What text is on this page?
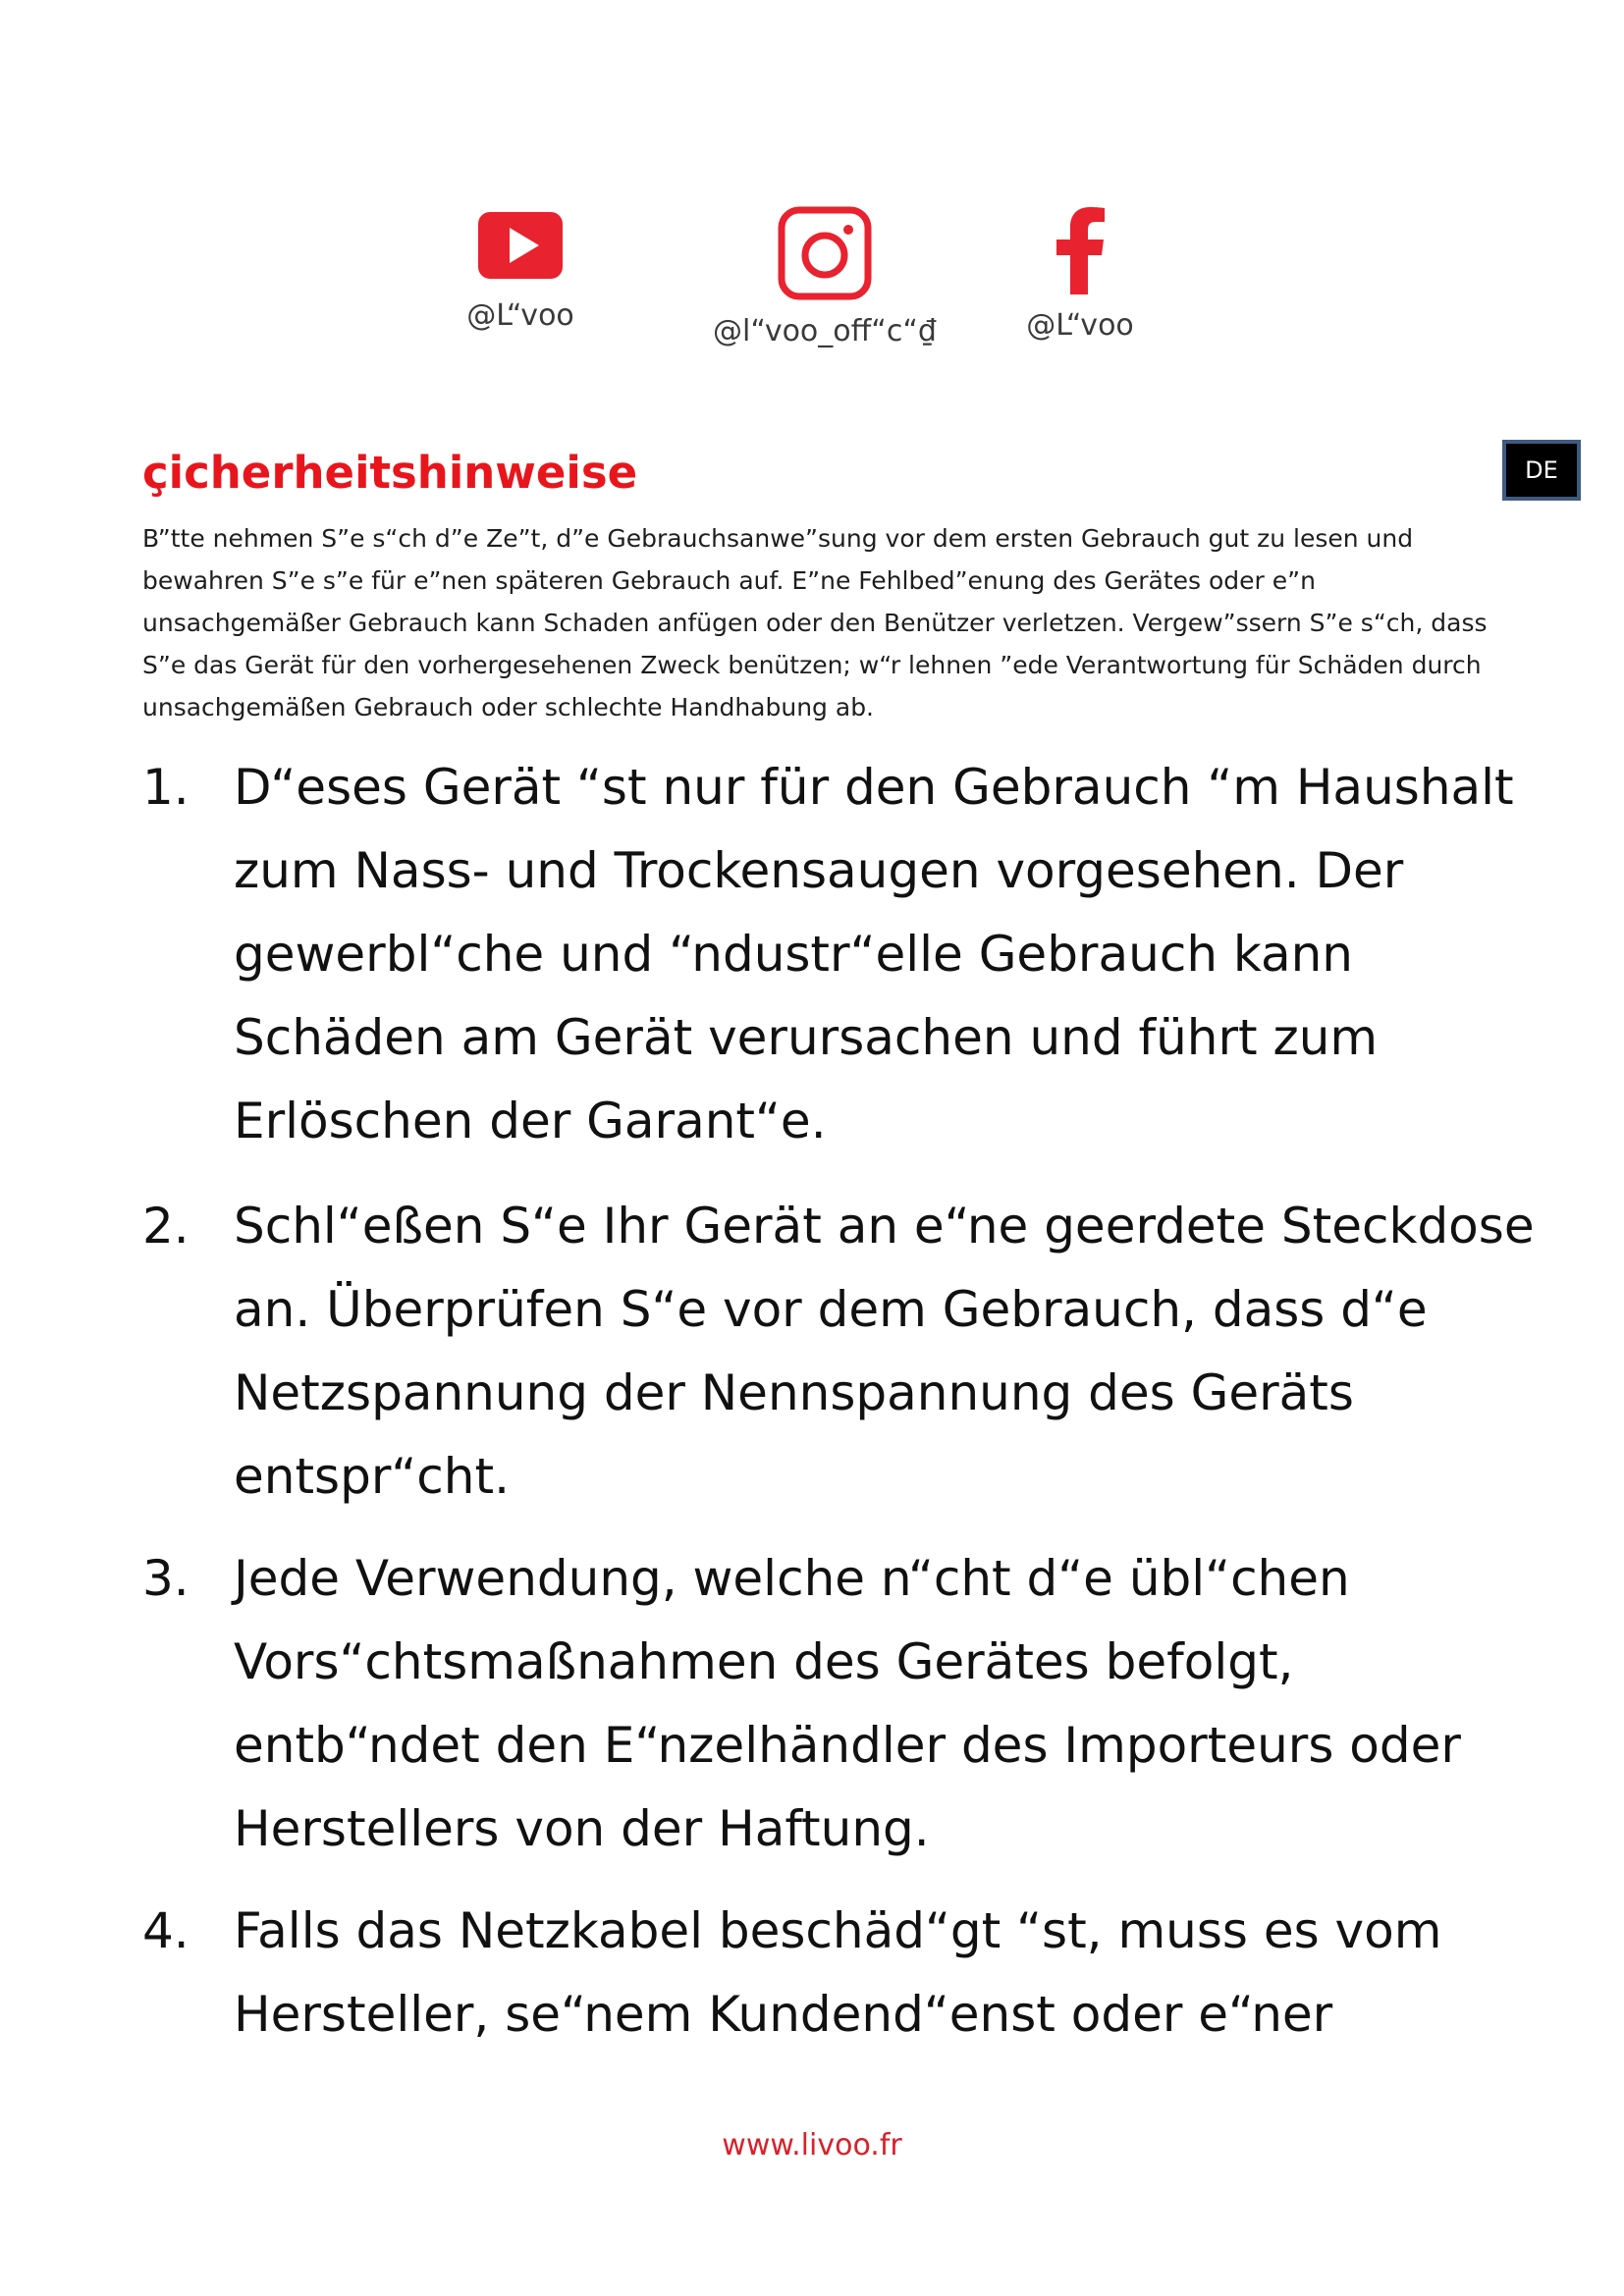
@L“voo	@l“voo_off“c“₫	@L“voo
DE
çicherheitshinweise
B”tte nehmen S”e s“ch d”e Ze”t, d”e Gebrauchsanwe”sung vor dem ersten Gebrauch gut zu lesen und bewahren S”e s”e für e”nen späteren Gebrauch auf. E”ne Fehlbed”enung des Gerätes oder e”n unsachgemäßer Gebrauch kann Schaden anfügen oder den Benützer verletzen. Vergew”ssern S”e s“ch, dass S”e das Gerät für den vorhergesehenen Zweck benützen; w“r lehnen ”ede Verantwortung für Schäden durch unsachgemäßen Gebrauch oder schlechte Handhabung ab.
1. D“eses Gerät “st nur für den Gebrauch “m Haushalt zum Nass- und Trockensaugen vorgesehen. Der gewerbl“che und “ndustr“elle Gebrauch kann Schäden am Gerät verursachen und führt zum Erlöschen der Garant“e.
2. Schl“eßen S“e Ihr Gerät an e“ne geerdete Steckdose an. Überprüfen S“e vor dem Gebrauch, dass d“e Netzspannung der Nennspannung des Geräts entspr“cht.
3. Jede Verwendung, welche n“cht d“e übl“chen Vors“chtsmaßnahmen des Gerätes befolgt, entb“ndet den E“nzelhändler des Importeurs oder Herstellers von der Haftung.
4. Falls das Netzkabel beschäd“gt “st, muss es vom Hersteller, se“nem Kundend“enst oder e“ner
www.livoo.fr
